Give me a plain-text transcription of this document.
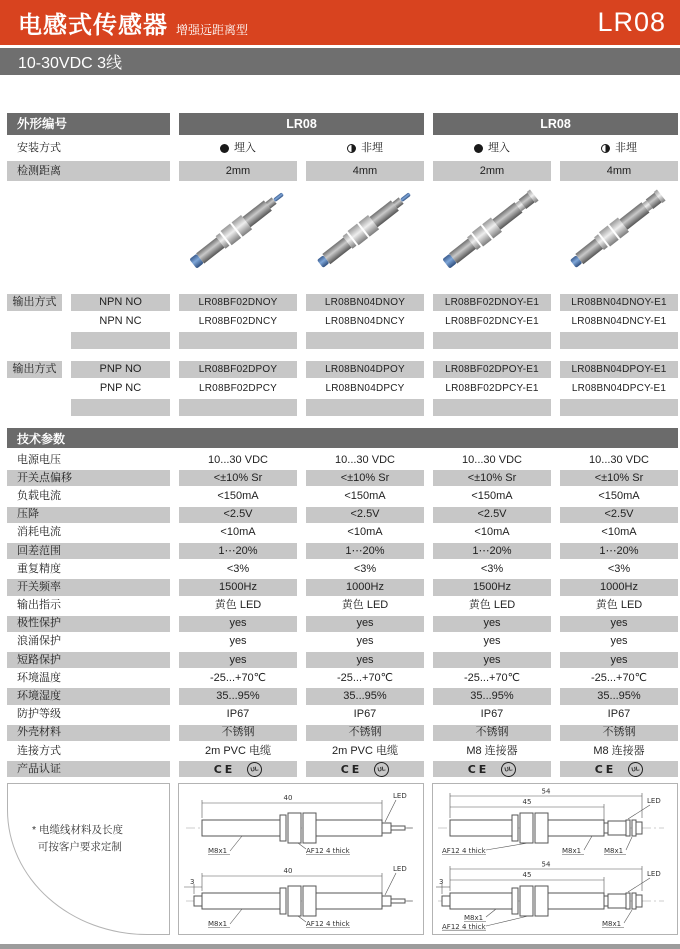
电感式传感器 增强远距离型	LR08
10-30VDC 3线
外形编号	LR08	LR08
安装方式	埋入	非埋	埋入	非埋
检测距离	2mm	4mm	2mm	4mm
输出方式	NPN NO	LR08BF02DNOY	LR08BN04DNOY	LR08BF02DNOY-E1	LR08BN04DNOY-E1
NPN NC	LR08BF02DNCY	LR08BN04DNCY	LR08BF02DNCY-E1	LR08BN04DNCY-E1
输出方式	PNP NO	LR08BF02DPOY	LR08BN04DPOY	LR08BF02DPOY-E1	LR08BN04DPOY-E1
PNP NC	LR08BF02DPCY	LR08BN04DPCY	LR08BF02DPCY-E1	LR08BN04DPCY-E1
技术参数
电源电压	10...30 VDC	10...30 VDC	10...30 VDC	10...30 VDC
开关点偏移	<±10% Sr	<±10% Sr	<±10% Sr	<±10% Sr
负载电流	<150mA	<150mA	<150mA	<150mA
压降	<2.5V	<2.5V	<2.5V	<2.5V
消耗电流	<10mA	<10mA	<10mA	<10mA
回差范围	1⋯20%	1⋯20%	1⋯20%	1⋯20%
重复精度	<3%	<3%	<3%	<3%
开关频率	1500Hz	1000Hz	1500Hz	1000Hz
输出指示	黄色 LED	黄色 LED	黄色 LED	黄色 LED
极性保护	yes	yes	yes	yes
浪涌保护	yes	yes	yes	yes
短路保护	yes	yes	yes	yes
环境温度	-25...+70℃	-25...+70℃	-25...+70℃	-25...+70℃
环境湿度	35...95%	35...95%	35...95%	35...95%
防护等级	IP67	IP67	IP67	IP67
外壳材料	不锈钢	不锈钢	不锈钢	不锈钢
连接方式	2m PVC 电缆	2m PVC 电缆	M8 连接器	M8 连接器
产品认证	CE	UL	CE	UL	CE	UL	CE	UL
* 电缆线材料及长度
可按客户要求定制
40	LED
M8x1	AF12 4 thick
3
40	LED
M8x1	AF12 4 thick
45
54
LED
AF12 4 thick	M8x1	M8x1
3
45
54
LED
M8x1
AF12 4 thick	M8x1
